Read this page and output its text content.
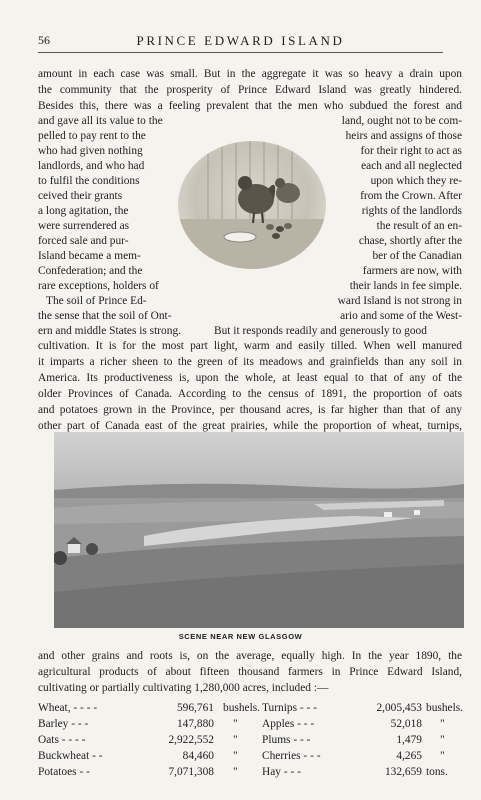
56	PRINCE EDWARD ISLAND
amount in each case was small. But in the aggregate it was so heavy a drain upon
the community that the prosperity of Prince Edward Island was greatly hindered.
Besides this, there was a feeling prevalent that the men who subdued the forest and
and gave all its value to the
pelled to pay rent to the
who had given nothing
landlords, and who had
to fulfil the conditions
ceived their grants
a long agitation, the
were surrendered as
forced sale and pur-
Island became a mem-
Confederation; and the
rare exceptions, holders of
The soil of Prince Ed-
the sense that the soil of Ont-
ern and middle States is strong.	But it responds readily and generously to good
land, ought not to be com-
heirs and assigns of those
for their right to act as
each and all neglected
upon which they re-
from the Crown. After
rights of the landlords
the result of an en-
chase, shortly after the
ber of the Canadian
farmers are now, with
their lands in fee simple.
ward Island is not strong in
ario and some of the West-
cultivation. It is for the most part light, warm and easily tilled. When well manured
it imparts a richer sheen to the green of its meadows and grainfields than any soil in
America. Its productiveness is, upon the whole, at least equal to that of any of the
older Provinces of Canada. According to the census of 1891, the proportion of oats
and potatoes grown in the Province, per thousand acres, is far higher than that of any
other part of Canada east of the great prairies, while the proportion of wheat, turnips,
SCENE NEAR NEW GLASGOW
and other grains and roots is, on the average, equally high. In the year 1890, the
agricultural products of about fifteen thousand farmers in Prince Edward Island,
cultivating or partially cultivating 1,280,000 acres, included :—
Wheat, - - - -	596,761 bushels. Turnips - - -	2,005,453 bushels.
Barley - - -	147,880 "	Apples - - -	52,018 "
Oats - - - -	2,922,552 "	Plums - - -	1,479 "
Buckwheat - -	84,460 "	Cherries - - -	4,265 "
Potatoes - -	7,071,308 "	Hay - - -	132,659 tons.
